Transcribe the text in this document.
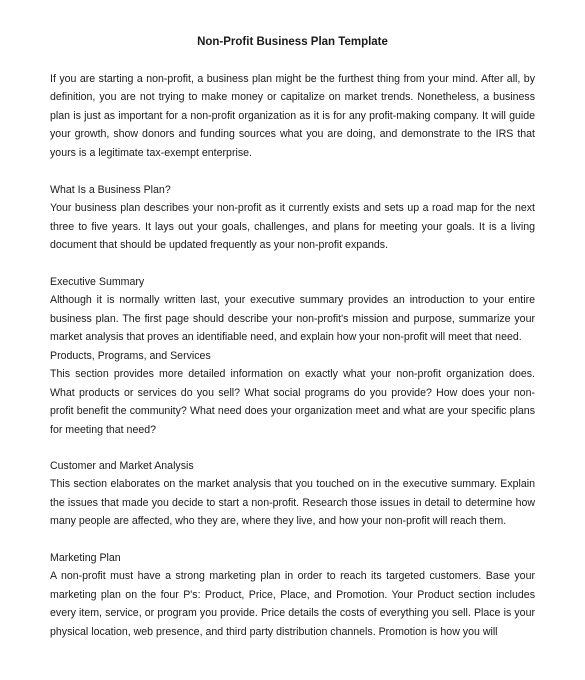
Non-Profit Business Plan Template

If you are starting a non-profit, a business plan might be the furthest thing from your mind. After all, by definition, you are not trying to make money or capitalize on market trends. Nonetheless, a business plan is just as important for a non-profit organization as it is for any profit-making company. It will guide your growth, show donors and funding sources what you are doing, and demonstrate to the IRS that yours is a legitimate tax-exempt enterprise.

What Is a Business Plan?

Your business plan describes your non-profit as it currently exists and sets up a road map for the next three to five years. It lays out your goals, challenges, and plans for meeting your goals. It is a living document that should be updated frequently as your non-profit expands.

Executive Summary

Although it is normally written last, your executive summary provides an introduction to your entire business plan. The first page should describe your non-profit's mission and purpose, summarize your market analysis that proves an identifiable need, and explain how your non-profit will meet that need.

Products, Programs, and Services

This section provides more detailed information on exactly what your non-profit organization does. What products or services do you sell? What social programs do you provide? How does your non-profit benefit the community? What need does your organization meet and what are your specific plans for meeting that need?

Customer and Market Analysis

This section elaborates on the market analysis that you touched on in the executive summary. Explain the issues that made you decide to start a non-profit. Research those issues in detail to determine how many people are affected, who they are, where they live, and how your non-profit will reach them.

Marketing Plan

A non-profit must have a strong marketing plan in order to reach its targeted customers. Base your marketing plan on the four P's: Product, Price, Place, and Promotion. Your Product section includes every item, service, or program you provide. Price details the costs of everything you sell. Place is your physical location, web presence, and third party distribution channels. Promotion is how you will
